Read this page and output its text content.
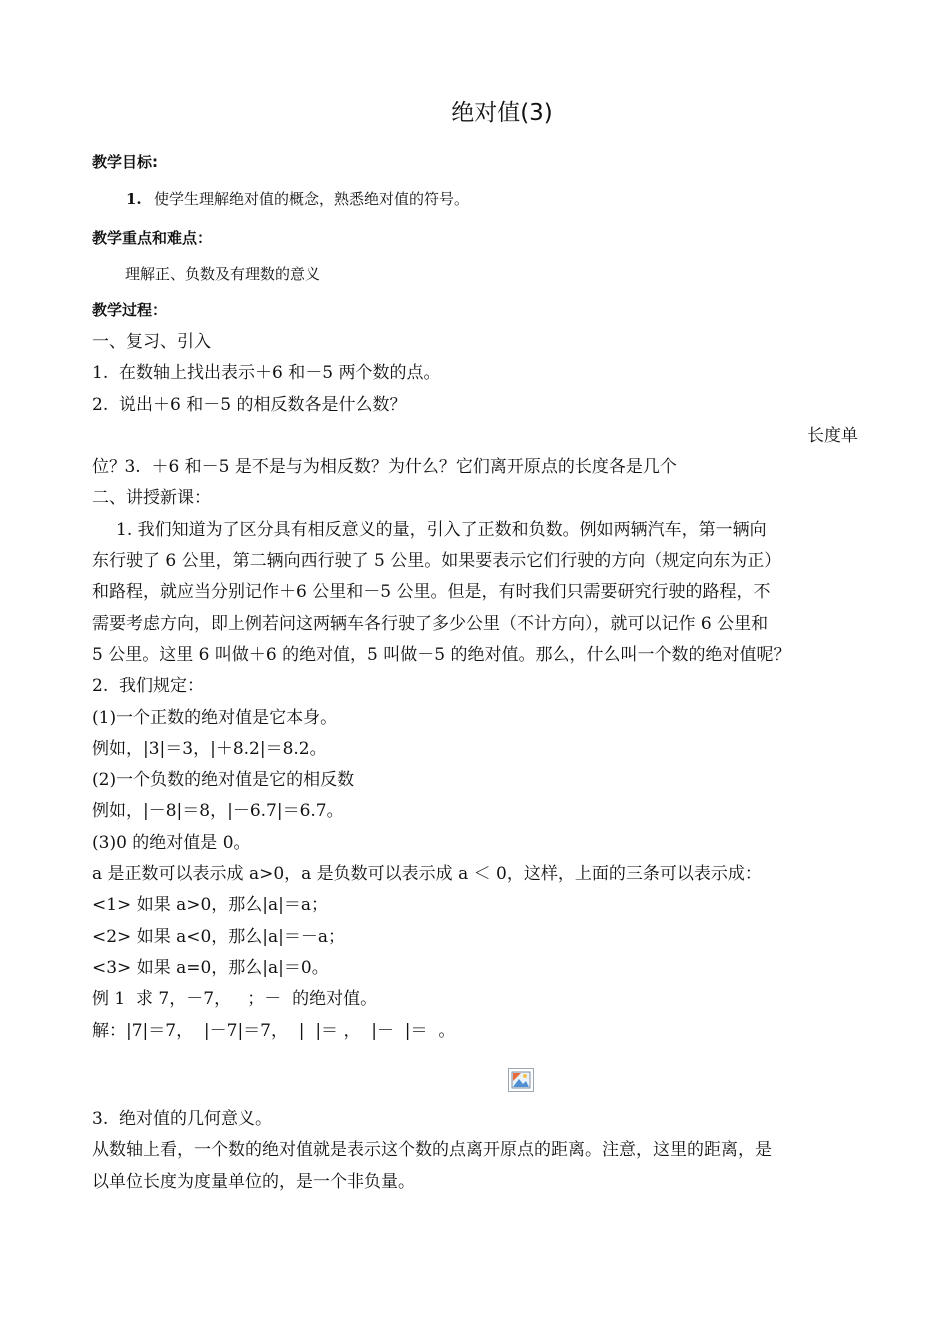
绝对值(3)
教学目标:
1. 使学生理解绝对值的概念，熟悉绝对值的符号。
教学重点和难点：
理解正、负数及有理数的意义
教学过程：
一、复习、引入
1.  在数轴上找出表示＋6 和－5 两个数的点。
2.  说出＋6 和－5 的相反数各是什么数？

3.  ＋6 和－5 是不是与为相反数？为什么？它们离开原点的长度各是几个

长度单

位？
二、讲授新课：
1. 我们知道为了区分具有相反意义的量，引入了正数和负数。例如两辆汽车，第一辆向
东行驶了 6 公里，第二辆向西行驶了 5 公里。如果要表示它们行驶的方向（规定向东为正）
和路程，就应当分别记作＋6 公里和－5 公里。但是，有时我们只需要研究行驶的路程，不
需要考虑方向，即上例若问这两辆车各行驶了多少公里（不计方向），就可以记作 6 公里和
5 公里。这里 6 叫做＋6 的绝对值，5 叫做－5 的绝对值。那么，什么叫一个数的绝对值呢？
2.  我们规定：
(1)一个正数的绝对值是它本身。
例如，|3|＝3，|＋8.2|＝8.2。
(2)一个负数的绝对值是它的相反数
例如，|－8|＝8，|－6.7|＝6.7。
(3)0 的绝对值是 0。
a 是正数可以表示成 a>0，a 是负数可以表示成 a ＜ 0，这样，上面的三条可以表示成：
<1> 如果 a>0，那么|a|＝a；
<2> 如果 a<0，那么|a|＝－a；
<3> 如果 a=0，那么|a|＝0。
例 1  求 7，－7，   ；－  的绝对值。
解：|7|＝7，  |－7|＝7，  |  |＝ ，  |－  |＝  。
3.  绝对值的几何意义。
从数轴上看，一个数的绝对值就是表示这个数的点离开原点的距离。注意，这里的距离，是
以单位长度为度量单位的，是一个非负量。
